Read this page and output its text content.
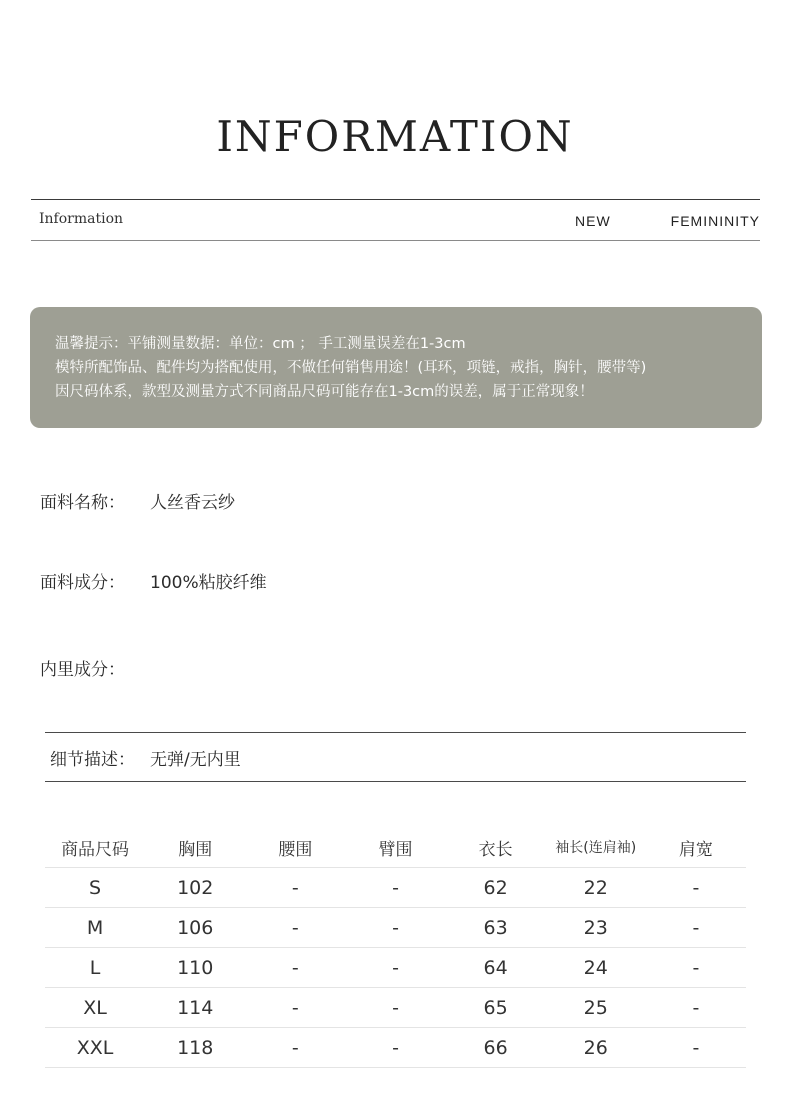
INFORMATION
Information	NEW	FEMININITY
温馨提示：平铺测量数据：单位：cm ； 手工测量误差在1-3cm
模特所配饰品、配件均为搭配使用，不做任何销售用途！(耳环，项链，戒指，胸针，腰带等)
因尺码体系，款型及测量方式不同商品尺码可能存在1-3cm的误差，属于正常现象！
面料名称： 人丝香云纱
面料成分： 100%粘胶纤维
内里成分：
细节描述： 无弹/无内里
商品尺码	胸围	腰围	臂围	衣长	袖长(连肩袖)	肩宽
S	102	-	-	62	22	-
M	106	-	-	63	23	-
L	110	-	-	64	24	-
XL	114	-	-	65	25	-
XXL	118	-	-	66	26	-
